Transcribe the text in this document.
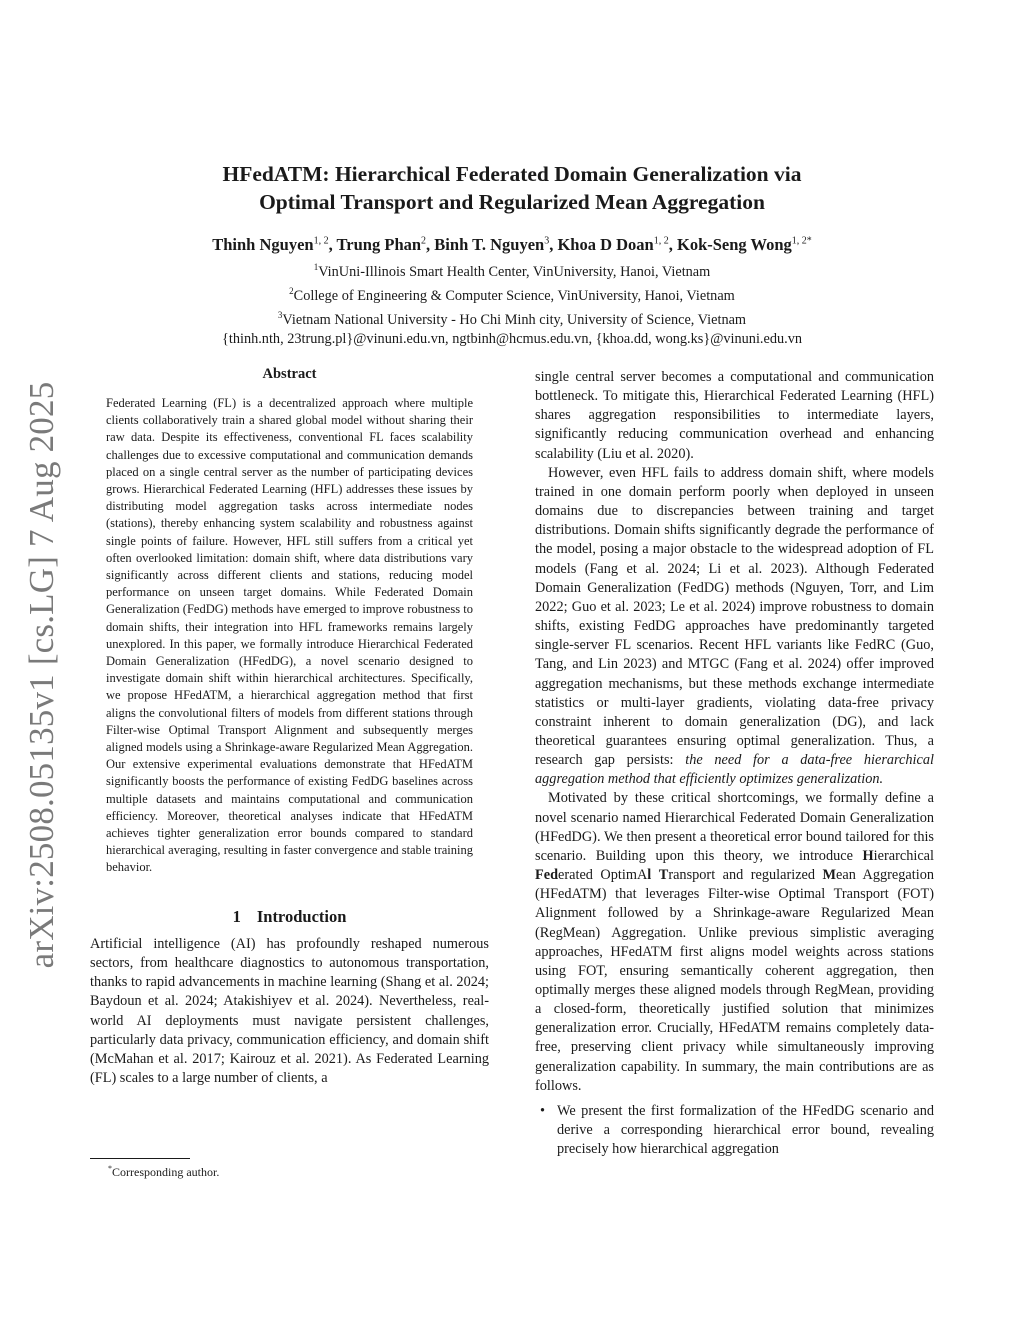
arXiv:2508.05135v1 [cs.LG] 7 Aug 2025
HFedATM: Hierarchical Federated Domain Generalization via
Optimal Transport and Regularized Mean Aggregation
Thinh Nguyen$^{1, 2}$, Trung Phan$^2$, Binh T. Nguyen$^3$, Khoa D Doan$^{1, 2}$, Kok-Seng Wong$^{1, 2*}$
$^1$VinUni-Illinois Smart Health Center, VinUniversity, Hanoi, Vietnam
$^2$College of Engineering & Computer Science, VinUniversity, Hanoi, Vietnam
$^3$Vietnam National University - Ho Chi Minh city, University of Science, Vietnam
{thinh.nth, 23trung.pl}@vinuni.edu.vn, ngtbinh@hcmus.edu.vn, {khoa.dd, wong.ks}@vinuni.edu.vn
Abstract

Federated Learning (FL) is a decentralized approach where multiple clients collaboratively train a shared global model without sharing their raw data. Despite its effectiveness, conventional FL faces scalability challenges due to excessive computational and communication demands placed on a single central server as the number of participating devices grows. Hierarchical Federated Learning (HFL) addresses these issues by distributing model aggregation tasks across intermediate nodes (stations), thereby enhancing system scalability and robustness against single points of failure. However, HFL still suffers from a critical yet often overlooked limitation: domain shift, where data distributions vary significantly across different clients and stations, reducing model performance on unseen target domains. While Federated Domain Generalization (FedDG) methods have emerged to improve robustness to domain shifts, their integration into HFL frameworks remains largely unexplored. In this paper, we formally introduce Hierarchical Federated Domain Generalization (HFedDG), a novel scenario designed to investigate domain shift within hierarchical architectures. Specifically, we propose HFedATM, a hierarchical aggregation method that first aligns the convolutional filters of models from different stations through Filter-wise Optimal Transport Alignment and subsequently merges aligned models using a Shrinkage-aware Regularized Mean Aggregation. Our extensive experimental evaluations demonstrate that HFedATM significantly boosts the performance of existing FedDG baselines across multiple datasets and maintains computational and communication efficiency. Moreover, theoretical analyses indicate that HFedATM achieves tighter generalization error bounds compared to standard hierarchical averaging, resulting in faster convergence and stable training behavior.

1 Introduction

Artificial intelligence (AI) has profoundly reshaped numerous sectors, from healthcare diagnostics to autonomous transportation, thanks to rapid advancements in machine learning (Shang et al. 2024; Baydoun et al. 2024; Atakishiyev et al. 2024). Nevertheless, real-world AI deployments must navigate persistent challenges, particularly data privacy, communication efficiency, and domain shift (McMahan et al. 2017; Kairouz et al. 2021). As Federated Learning (FL) scales to a large number of clients, a

single central server becomes a computational and communication bottleneck. To mitigate this, Hierarchical Federated Learning (HFL) shares aggregation responsibilities to intermediate layers, significantly reducing communication overhead and enhancing scalability (Liu et al. 2020).

However, even HFL fails to address domain shift, where models trained in one domain perform poorly when deployed in unseen domains due to discrepancies between training and target distributions. Domain shifts significantly degrade the performance of the model, posing a major obstacle to the widespread adoption of FL models (Fang et al. 2024; Li et al. 2023). Although Federated Domain Generalization (FedDG) methods (Nguyen, Torr, and Lim 2022; Guo et al. 2023; Le et al. 2024) improve robustness to domain shifts, existing FedDG approaches have predominantly targeted single-server FL scenarios. Recent HFL variants like FedRC (Guo, Tang, and Lin 2023) and MTGC (Fang et al. 2024) offer improved aggregation mechanisms, but these methods exchange intermediate statistics or multi-layer gradients, violating data-free privacy constraint inherent to domain generalization (DG), and lack theoretical guarantees ensuring optimal generalization. Thus, a research gap persists: the need for a data-free hierarchical aggregation method that efficiently optimizes generalization.

Motivated by these critical shortcomings, we formally define a novel scenario named Hierarchical Federated Domain Generalization (HFedDG). We then present a theoretical error bound tailored for this scenario. Building upon this theory, we introduce Hierarchical Federated OptimAl Transport and regularized Mean Aggregation (HFedATM) that leverages Filter-wise Optimal Transport (FOT) Alignment followed by a Shrinkage-aware Regularized Mean (RegMean) Aggregation. Unlike previous simplistic averaging approaches, HFedATM first aligns model weights across stations using FOT, ensuring semantically coherent aggregation, then optimally merges these aligned models through RegMean, providing a closed-form, theoretically justified solution that minimizes generalization error. Crucially, HFedATM remains completely data-free, preserving client privacy while simultaneously improving generalization capability. In summary, the main contributions are as follows.

• We present the first formalization of the HFedDG scenario and derive a corresponding hierarchical error bound, revealing precisely how hierarchical aggregation
*Corresponding author.
